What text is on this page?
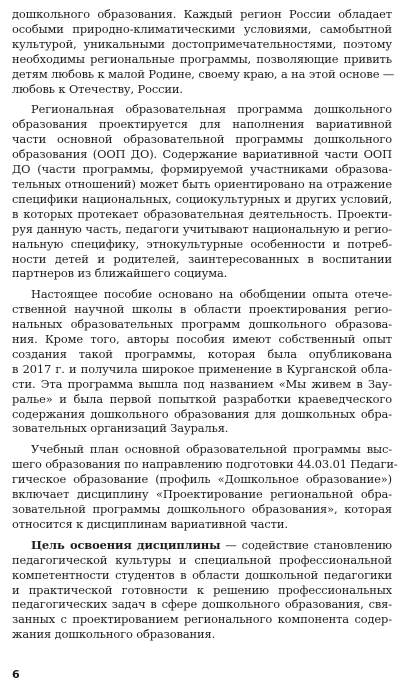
дошкольного образования. Каждый регион России обладает
особыми природно-климатическими условиями, самобытной
культурой, уникальными достопримечательностями, поэтому
необходимы региональные программы, позволяющие привить
детям любовь к малой Родине, своему краю, а на этой основе —
любовь к Отечеству, России.
Региональная образовательная программа дошкольного
образования проектируется для наполнения вариативной
части основной образовательной программы дошкольного
образования (ООП ДО). Содержание вариативной части ООП
ДО (части программы, формируемой участниками образова-
тельных отношений) может быть ориентировано на отражение
специфики национальных, социокультурных и других условий,
в которых протекает образовательная деятельность. Проекти-
руя данную часть, педагоги учитывают национальную и регио-
нальную специфику, этнокультурные особенности и потреб-
ности детей и родителей, заинтересованных в воспитании
партнеров из ближайшего социума.
Настоящее пособие основано на обобщении опыта отече-
ственной научной школы в области проектирования регио-
нальных образовательных программ дошкольного образова-
ния. Кроме того, авторы пособия имеют собственный опыт
создания такой программы, которая была опубликована
в 2017 г. и получила широкое применение в Курганской обла-
сти. Эта программа вышла под названием «Мы живем в Зау-
ралье» и была первой попыткой разработки краеведческого
содержания дошкольного образования для дошкольных обра-
зовательных организаций Зауралья.
Учебный план основной образовательной программы выс-
шего образования по направлению подготовки 44.03.01 Педаги-
гическое образование (профиль «Дошкольное образование»)
включает дисциплину «Проектирование региональной обра-
зовательной программы дошкольного образования», которая
относится к дисциплинам вариативной части.
Цель освоения дисциплины — содействие становлению
педагогической культуры и специальной профессиональной
компетентности студентов в области дошкольной педагогики
и практической готовности к решению профессиональных
педагогических задач в сфере дошкольного образования, свя-
занных с проектированием регионального компонента содер-
жания дошкольного образования.
6
